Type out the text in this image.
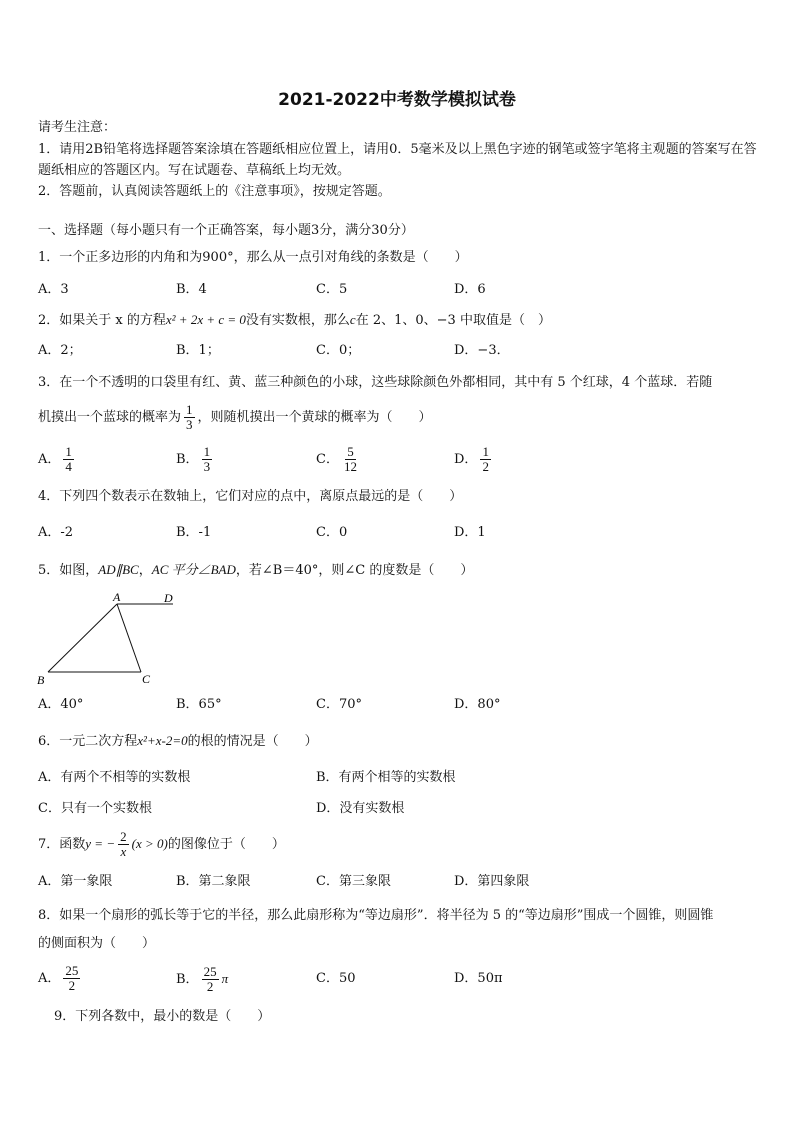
2021-2022中考数学模拟试卷
请考生注意：
1．请用2B铅笔将选择题答案涂填在答题纸相应位置上，请用0．5毫米及以上黑色字迹的钢笔或签字笔将主观题的答案写在答题纸相应的答题区内。写在试题卷、草稿纸上均无效。
2．答题前，认真阅读答题纸上的《注意事项》，按规定答题。
一、选择题（每小题只有一个正确答案，每小题3分，满分30分）
1．一个正多边形的内角和为900°，那么从一点引对角线的条数是（　　）
A．3	B．4	C．5	D．6
2．如果关于 x 的方程x² + 2x + c = 0没有实数根，那么c在 2、1、0、−3 中取值是（　）
A．2；	B．1；	C．0；	D．−3．
3．在一个不透明的口袋里有红、黄、蓝三种颜色的小球，这些球除颜色外都相同，其中有 5 个红球，4 个蓝球．若随
机摸出一个蓝球的概率为 $\frac{1}{3}$ ，则随机摸出一个黄球的概率为（　　）
A． $\frac{1}{4}$	B． $\frac{1}{3}$	C． $\frac{5}{12}$	D． $\frac{1}{2}$
4．下列四个数表示在数轴上，它们对应的点中，离原点最远的是（　　）
A．-2	B．-1	C．0	D．1
5．如图，AD∥BC，AC 平分∠BAD，若∠B＝40°，则∠C 的度数是（　　）
A	D
B	C
A．40°	B．65°	C．70°	D．80°
6．一元二次方程x²+x-2=0的根的情况是（　　）
A．有两个不相等的实数根	B．有两个相等的实数根
C．只有一个实数根	D．没有实数根
7．函数y = − $\frac{2}{x} (x > 0)$的图像位于（　　）
A．第一象限	B．第二象限	C．第三象限	D．第四象限
8．如果一个扇形的弧长等于它的半径，那么此扇形称为“等边扇形”．将半径为 5 的“等边扇形”围成一个圆锥，则圆锥
的侧面积为（　　）
A． $\frac{25}{2}$	B． $\frac{25}{2}$ π	C．50	D．50π
9．下列各数中，最小的数是（　　）
